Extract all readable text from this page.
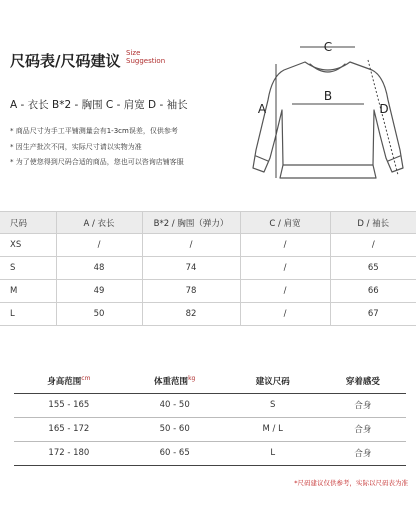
尺码表/尺码建议 Size
Suggestion
A - 衣长 B*2 - 胸围 C - 肩宽 D - 袖长
* 商品尺寸为手工平铺测量会有1-3cm误差，仅供参考
* 因生产批次不同，实际尺寸请以实物为准
* 为了使您得到尺码合适的商品，您也可以咨询店铺客服
C
A
B
D
尺码	A / 衣长	B*2 / 胸围（弹力）	C / 肩宽	D / 袖长
XS	/	/	/	/
S	48	74	/	65
M	49	78	/	66
L	50	82	/	67
身高范围$^{cm}$	体重范围$^{kg}$	建议尺码	穿着感受
155 - 165	40 - 50	S	合身
165 - 172	50 - 60	M / L	合身
172 - 180	60 - 65	L	合身
*尺码建议仅供参考，实际以尺码表为准
